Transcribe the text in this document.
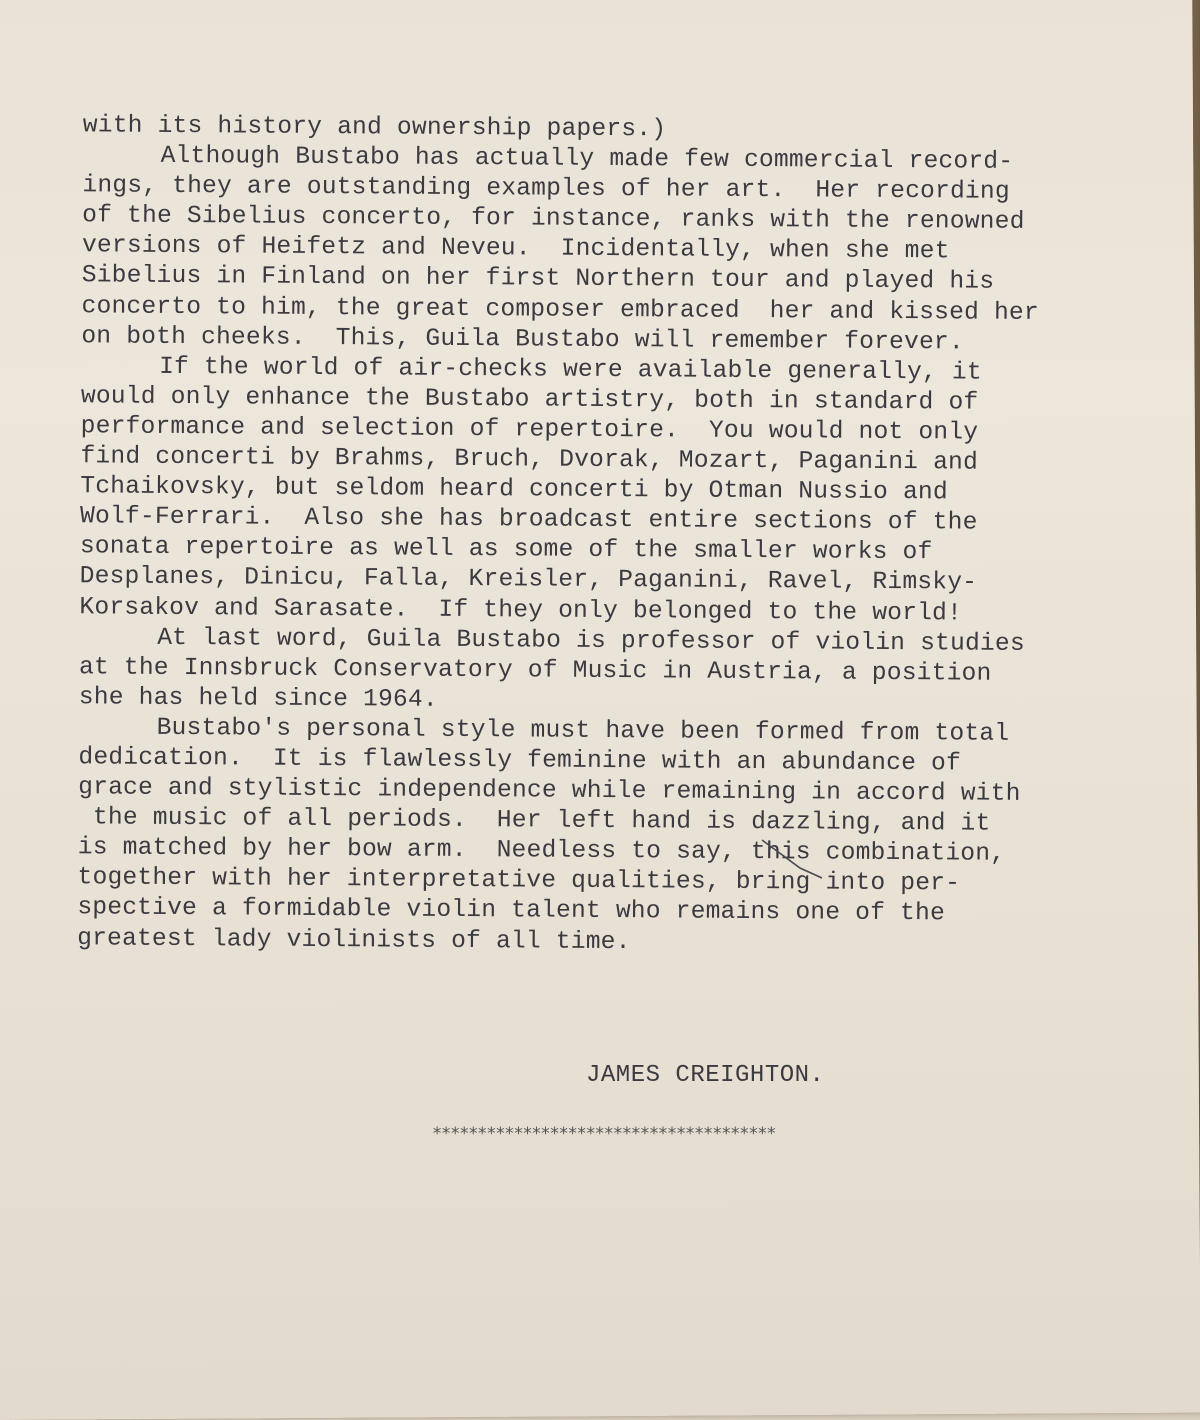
with its history and ownership papers.)
Although Bustabo has actually made few commercial record-
ings, they are outstanding examples of her art.  Her recording
of the Sibelius concerto, for instance, ranks with the renowned
versions of Heifetz and Neveu.  Incidentally, when she met
Sibelius in Finland on her first Northern tour and played his
concerto to him, the great composer embraced  her and kissed her
on both cheeks.  This, Guila Bustabo will remember forever.
If the world of air-checks were available generally, it
would only enhance the Bustabo artistry, both in standard of
performance and selection of repertoire.  You would not only
find concerti by Brahms, Bruch, Dvorak, Mozart, Paganini and
Tchaikovsky, but seldom heard concerti by Otman Nussio and
Wolf-Ferrari.  Also she has broadcast entire sections of the
sonata repertoire as well as some of the smaller works of
Desplanes, Dinicu, Falla, Kreisler, Paganini, Ravel, Rimsky-
Korsakov and Sarasate.  If they only belonged to the world!
At last word, Guila Bustabo is professor of violin studies
at the Innsbruck Conservatory of Music in Austria, a position
she has held since 1964.
Bustabo's personal style must have been formed from total
dedication.  It is flawlessly feminine with an abundance of
grace and stylistic independence while remaining in accord with
the music of all periods.  Her left hand is dazzling, and it
is matched by her bow arm.  Needless to say, this combination,
together with her interpretative qualities, bring into per-
spective a formidable violin talent who remains one of the
greatest lady violinists of all time.
JAMES CREIGHTON.
**************************************
